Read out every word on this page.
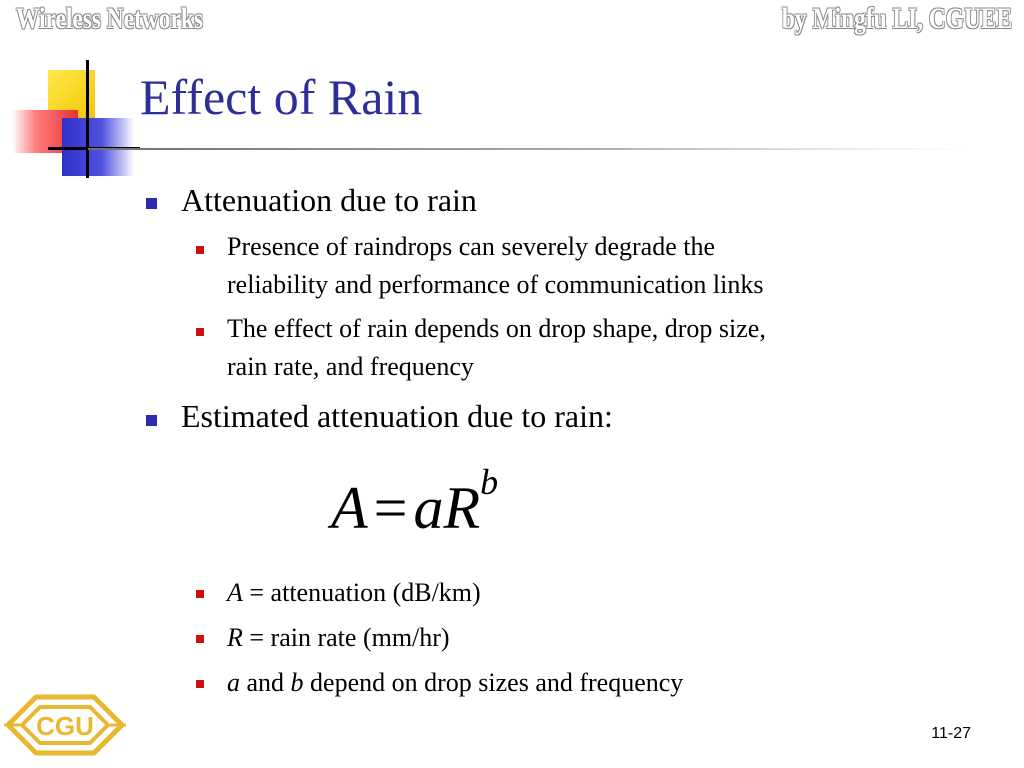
Wireless Networks	by Mingfu LI, CGUEE
Effect of Rain
Attenuation due to rain
Presence of raindrops can severely degrade the
reliability and performance of communication links
The effect of rain depends on drop shape, drop size,
rain rate, and frequency
Estimated attenuation due to rain:
$A = aR^b$
A = attenuation (dB/km)
R = rain rate (mm/hr)
a and b depend on drop sizes and frequency
CGU	11-27
